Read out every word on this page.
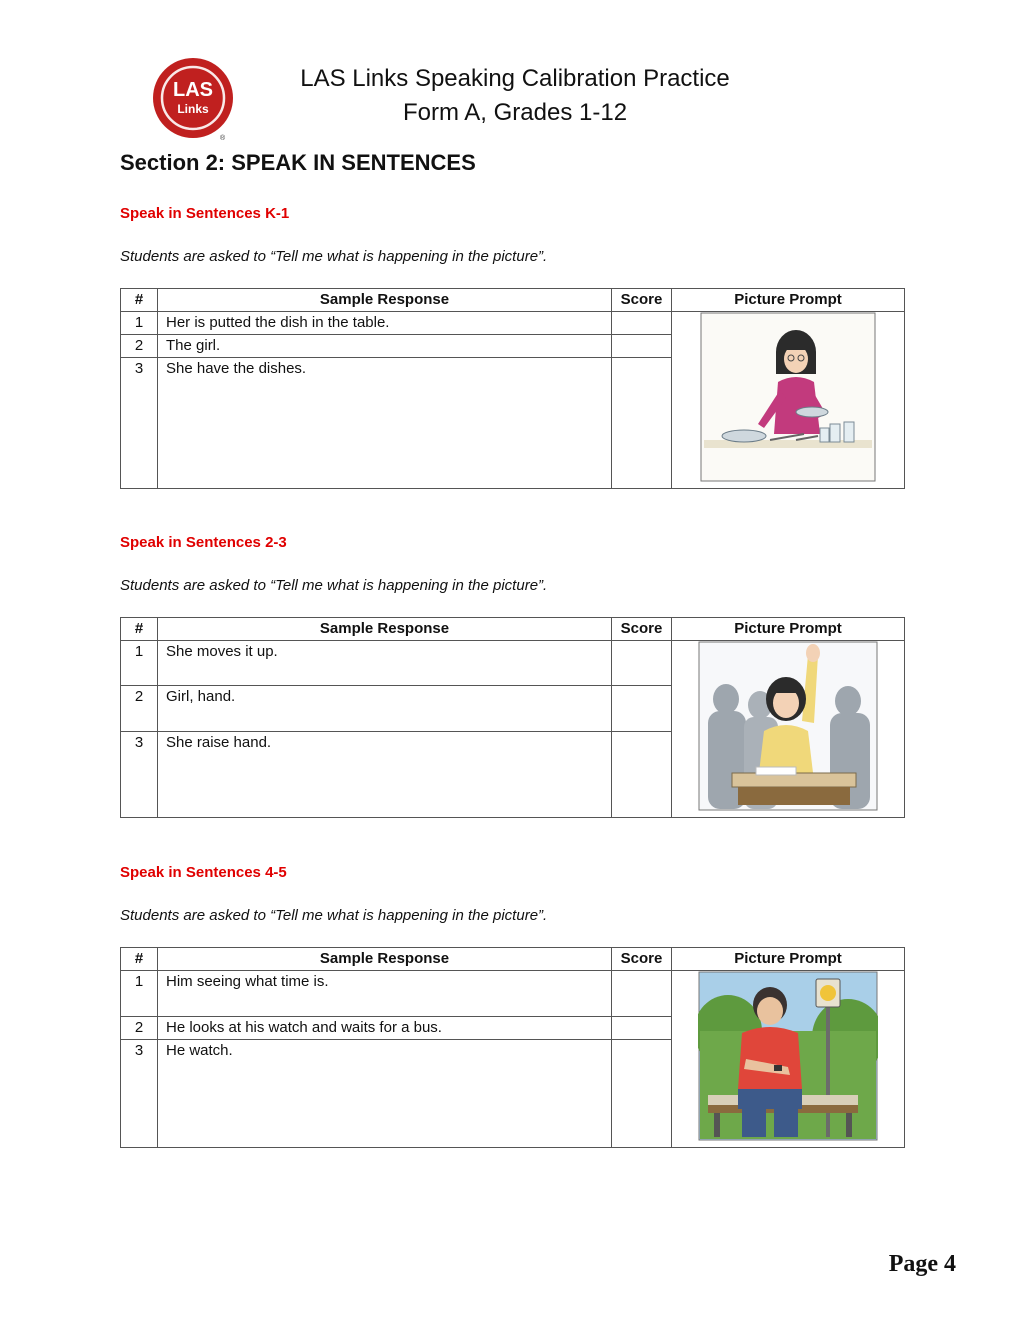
LAS
Links
®
LAS Links Speaking Calibration Practice
Form A, Grades 1-12
Section 2: SPEAK IN SENTENCES
Speak in Sentences K-1
Students are asked to “Tell me what is happening in the picture”.
#	Sample Response	Score	Picture Prompt
1	Her is putted the dish in the table.		
2	The girl.		
3	She have the dishes.		
Speak in Sentences 2-3
Students are asked to “Tell me what is happening in the picture”.
#	Sample Response	Score	Picture Prompt
1	She moves it up.		
2	Girl, hand.		
3	She raise hand.		
Speak in Sentences 4-5
Students are asked to “Tell me what is happening in the picture”.
#	Sample Response	Score	Picture Prompt
1	Him seeing what time is.		
2	He looks at his watch and waits for a bus.		
3	He watch.		
Page 4
